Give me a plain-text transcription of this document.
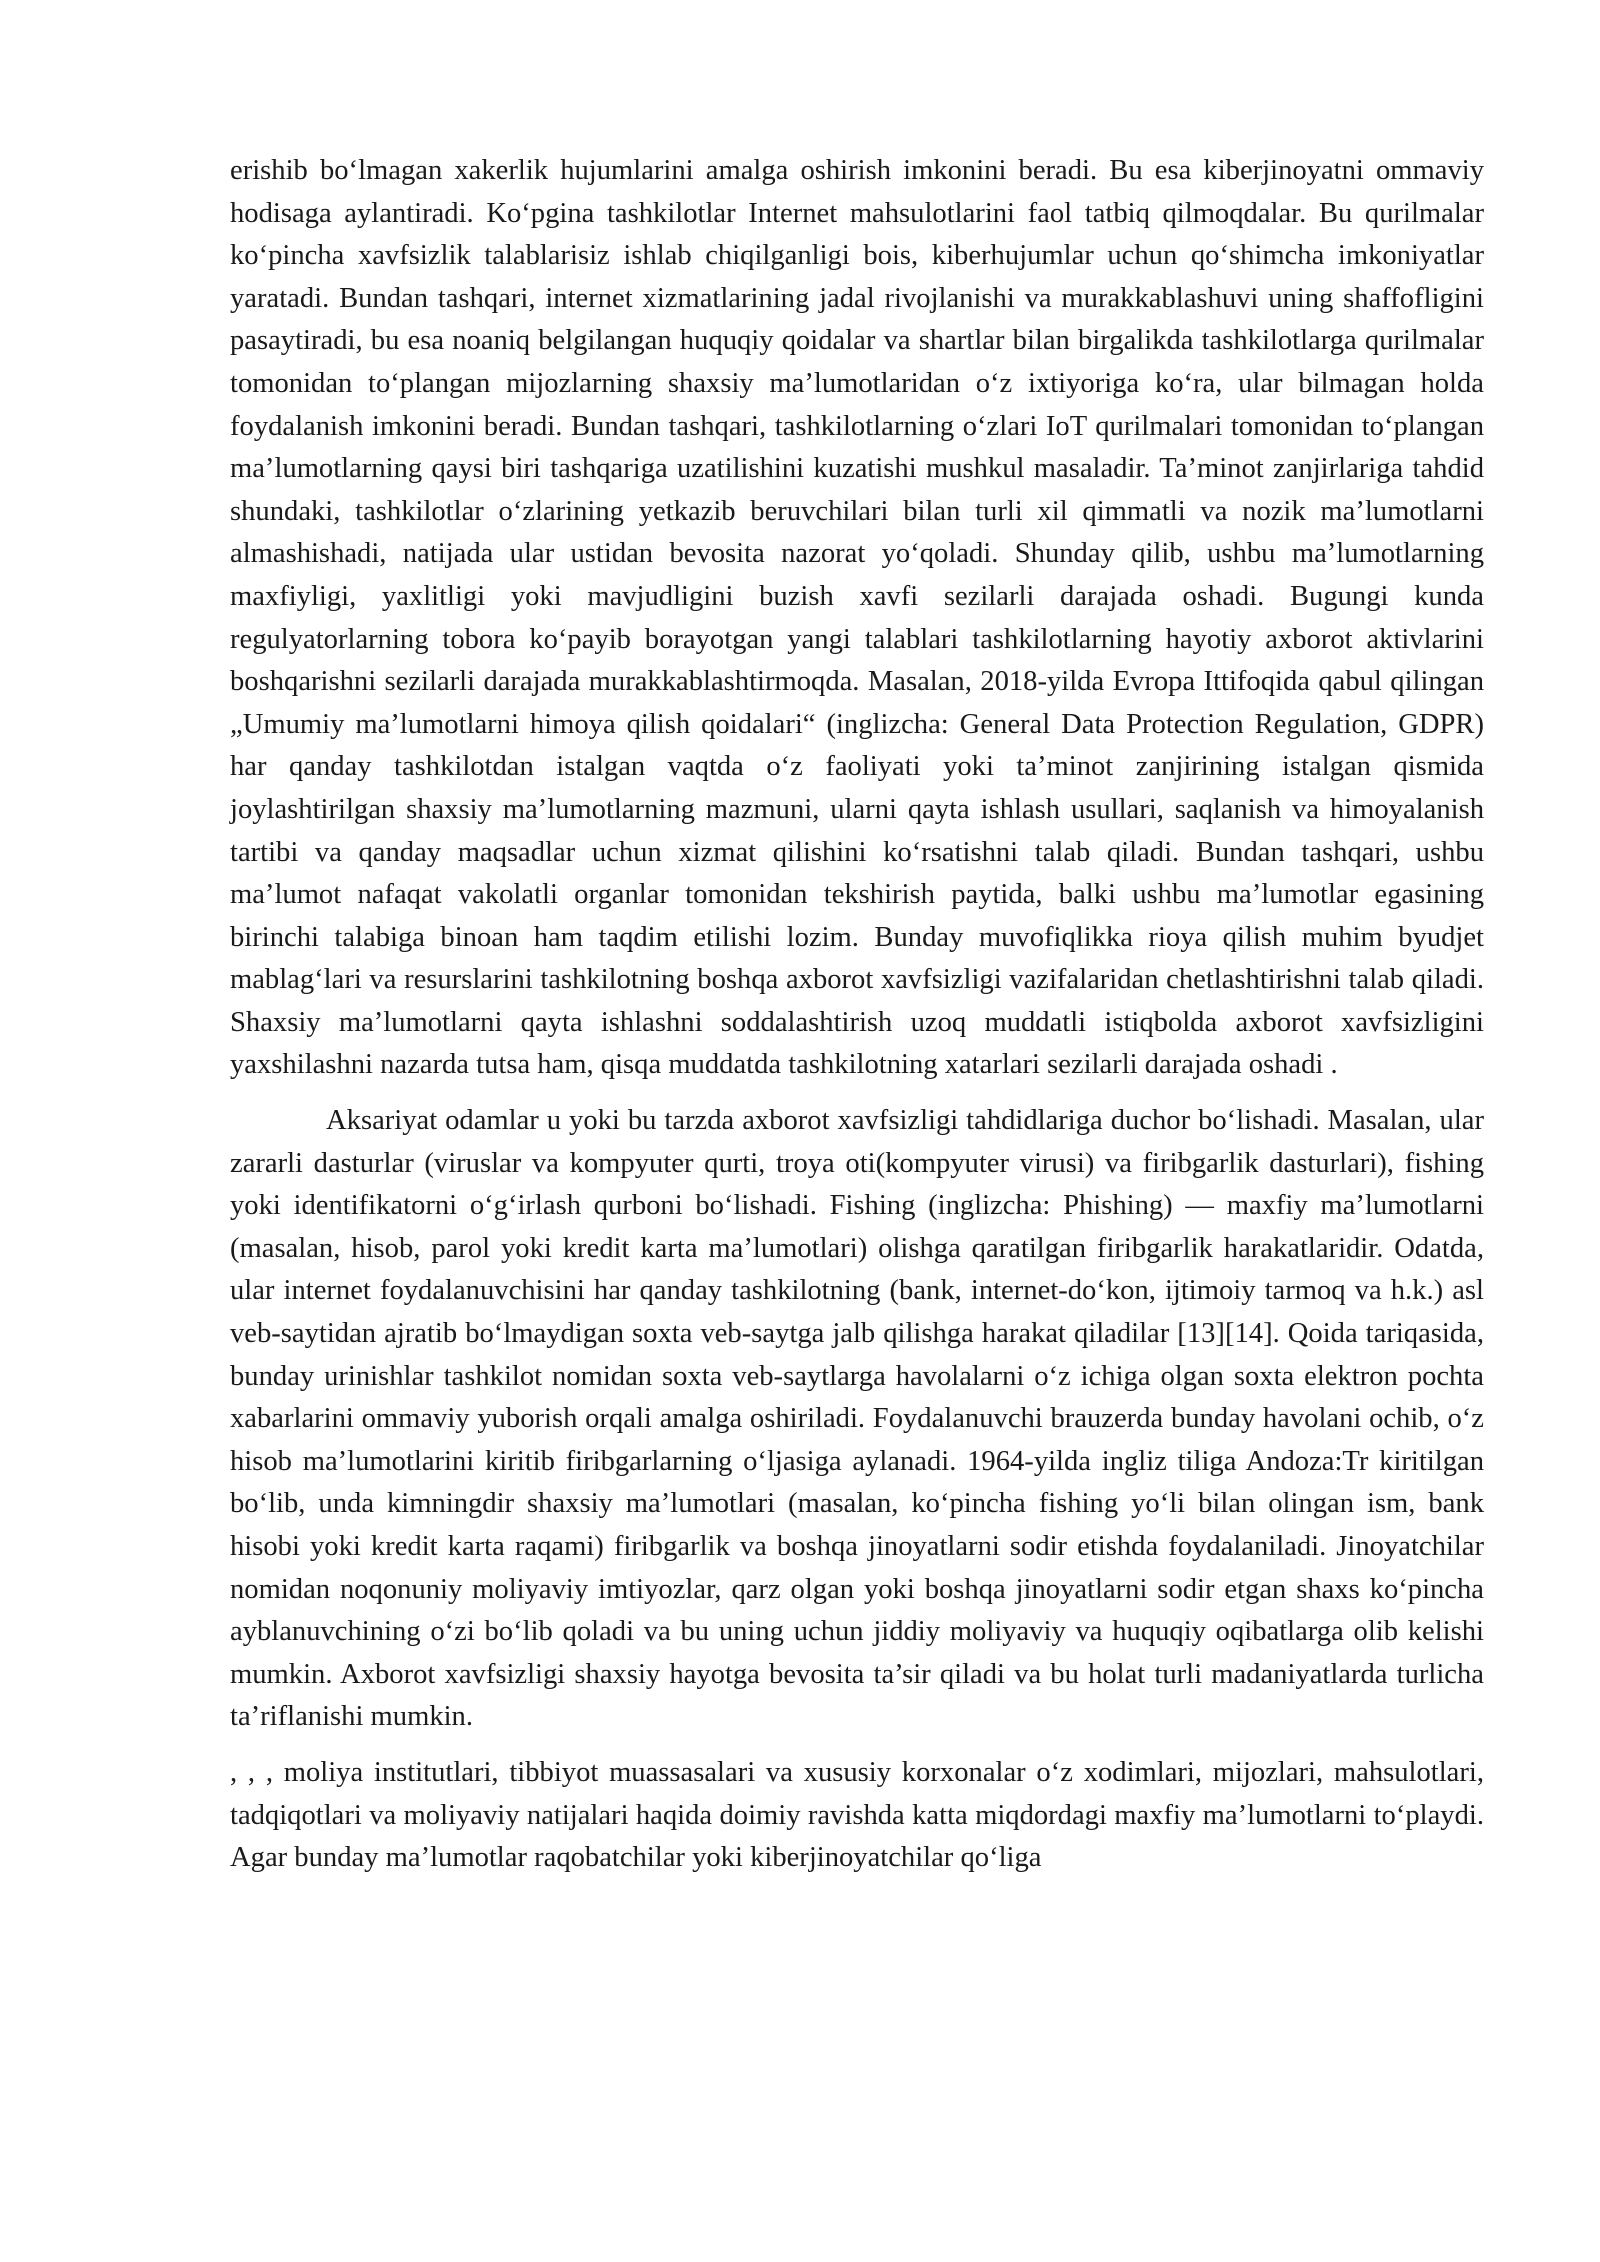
erishib bo‘lmagan xakerlik hujumlarini amalga oshirish imkonini beradi. Bu esa kiberjinoyatni ommaviy hodisaga aylantiradi. Ko‘pgina tashkilotlar Internet mahsulotlarini faol tatbiq qilmoqdalar. Bu qurilmalar ko‘pincha xavfsizlik talablarisiz ishlab chiqilganligi bois, kiberhujumlar uchun qo‘shimcha imkoniyatlar yaratadi. Bundan tashqari, internet xizmatlarining jadal rivojlanishi va murakkablashuvi uning shaffofligini pasaytiradi, bu esa noaniq belgilangan huquqiy qoidalar va shartlar bilan birgalikda tashkilotlarga qurilmalar tomonidan to‘plangan mijozlarning shaxsiy ma’lumotlaridan o‘z ixtiyoriga ko‘ra, ular bilmagan holda foydalanish imkonini beradi. Bundan tashqari, tashkilotlarning o‘zlari IoT qurilmalari tomonidan to‘plangan ma’lumotlarning qaysi biri tashqariga uzatilishini kuzatishi mushkul masaladir. Ta’minot zanjirlariga tahdid shundaki, tashkilotlar o‘zlarining yetkazib beruvchilari bilan turli xil qimmatli va nozik ma’lumotlarni almashishadi, natijada ular ustidan bevosita nazorat yo‘qoladi. Shunday qilib, ushbu ma’lumotlarning maxfiyligi, yaxlitligi yoki mavjudligini buzish xavfi sezilarli darajada oshadi. Bugungi kunda regulyatorlarning tobora ko‘payib borayotgan yangi talablari tashkilotlarning hayotiy axborot aktivlarini boshqarishni sezilarli darajada murakkablashtirmoqda. Masalan, 2018-yilda Evropa Ittifoqida qabul qilingan „Umumiy ma’lumotlarni himoya qilish qoidalari“ (inglizcha: General Data Protection Regulation, GDPR) har qanday tashkilotdan istalgan vaqtda o‘z faoliyati yoki ta’minot zanjirining istalgan qismida joylashtirilgan shaxsiy ma’lumotlarning mazmuni, ularni qayta ishlash usullari, saqlanish va himoyalanish tartibi va qanday maqsadlar uchun xizmat qilishini ko‘rsatishni talab qiladi. Bundan tashqari, ushbu ma’lumot nafaqat vakolatli organlar tomonidan tekshirish paytida, balki ushbu ma’lumotlar egasining birinchi talabiga binoan ham taqdim etilishi lozim. Bunday muvofiqlikka rioya qilish muhim byudjet mablag‘lari va resurslarini tashkilotning boshqa axborot xavfsizligi vazifalaridan chetlashtirishni talab qiladi. Shaxsiy ma’lumotlarni qayta ishlashni soddalashtirish uzoq muddatli istiqbolda axborot xavfsizligini yaxshilashni nazarda tutsa ham, qisqa muddatda tashkilotning xatarlari sezilarli darajada oshadi .

Aksariyat odamlar u yoki bu tarzda axborot xavfsizligi tahdidlariga duchor bo‘lishadi. Masalan, ular zararli dasturlar (viruslar va kompyuter qurti, troya oti(kompyuter virusi) va firibgarlik dasturlari), fishing yoki identifikatorni o‘g‘irlash qurboni bo‘lishadi. Fishing (inglizcha: Phishing) — maxfiy ma’lumotlarni (masalan, hisob, parol yoki kredit karta ma’lumotlari) olishga qaratilgan firibgarlik harakatlaridir. Odatda, ular internet foydalanuvchisini har qanday tashkilotning (bank, internet-do‘kon, ijtimoiy tarmoq va h.k.) asl veb-saytidan ajratib bo‘lmaydigan soxta veb-saytga jalb qilishga harakat qiladilar [13][14]. Qoida tariqasida, bunday urinishlar tashkilot nomidan soxta veb-saytlarga havolalarni o‘z ichiga olgan soxta elektron pochta xabarlarini ommaviy yuborish orqali amalga oshiriladi. Foydalanuvchi brauzerda bunday havolani ochib, o‘z hisob ma’lumotlarini kiritib firibgarlarning o‘ljasiga aylanadi. 1964-yilda ingliz tiliga Andoza:Tr kiritilgan bo‘lib, unda kimningdir shaxsiy ma’lumotlari (masalan, ko‘pincha fishing yo‘li bilan olingan ism, bank hisobi yoki kredit karta raqami) firibgarlik va boshqa jinoyatlarni sodir etishda foydalaniladi. Jinoyatchilar nomidan noqonuniy moliyaviy imtiyozlar, qarz olgan yoki boshqa jinoyatlarni sodir etgan shaxs ko‘pincha ayblanuvchining o‘zi bo‘lib qoladi va bu uning uchun jiddiy moliyaviy va huquqiy oqibatlarga olib kelishi mumkin. Axborot xavfsizligi shaxsiy hayotga bevosita ta’sir qiladi va bu holat turli madaniyatlarda turlicha ta’riflanishi mumkin.

, , , moliya institutlari, tibbiyot muassasalari va xususiy korxonalar o‘z xodimlari, mijozlari, mahsulotlari, tadqiqotlari va moliyaviy natijalari haqida doimiy ravishda katta miqdordagi maxfiy ma’lumotlarni to‘playdi. Agar bunday ma’lumotlar raqobatchilar yoki kiberjinoyatchilar qo‘liga
